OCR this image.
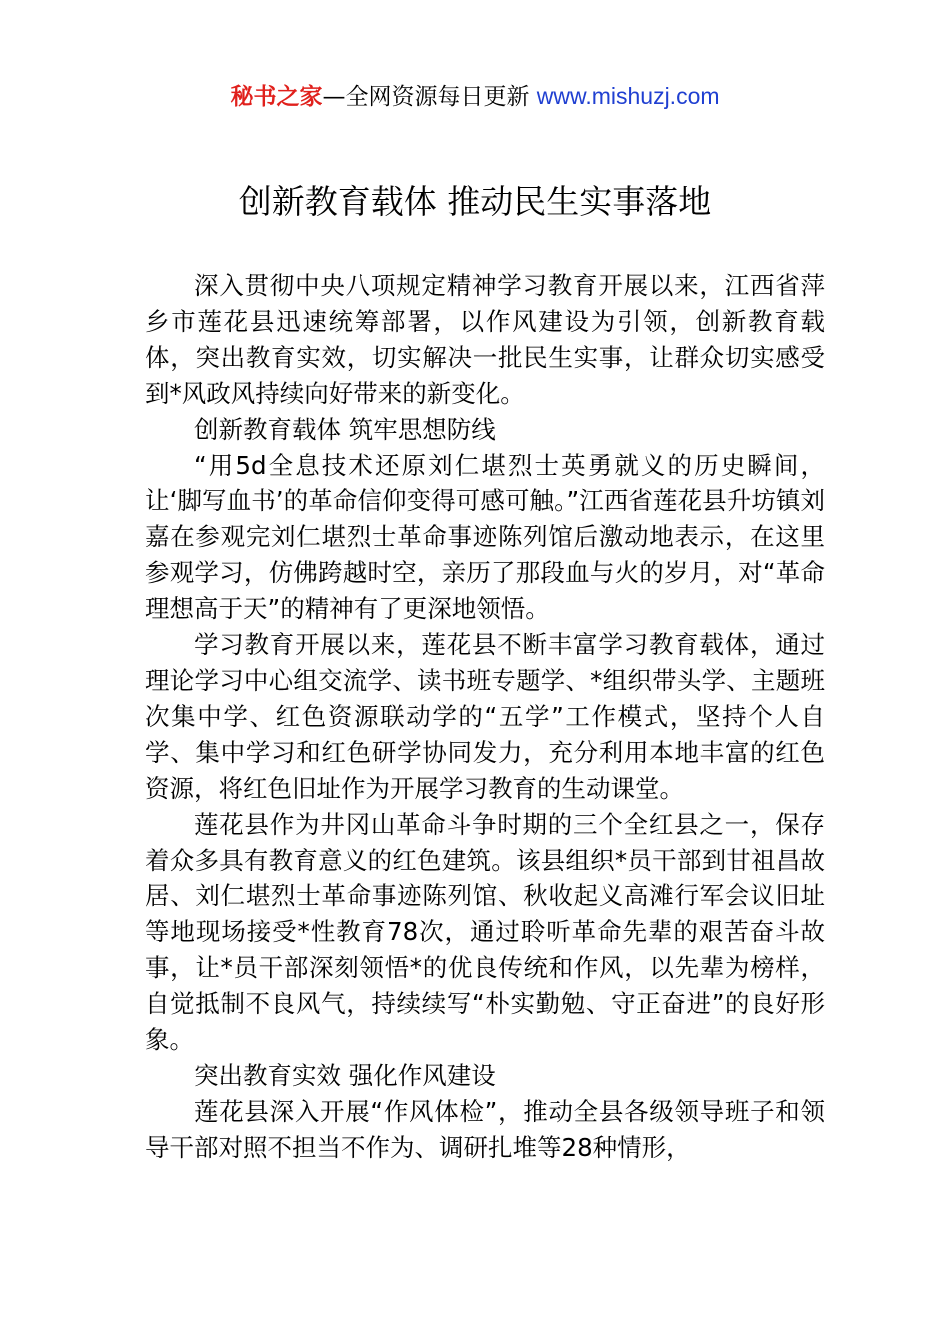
秘书之家—全网资源每日更新 www.mishuzj.com
创新教育载体 推动民生实事落地

深入贯彻中央八项规定精神学习教育开展以来，江西省萍乡市莲花县迅速统筹部署，以作风建设为引领，创新教育载体，突出教育实效，切实解决一批民生实事，让群众切实感受到*风政风持续向好带来的新变化。

创新教育载体 筑牢思想防线

“用5d全息技术还原刘仁堪烈士英勇就义的历史瞬间，让‘脚写血书’的革命信仰变得可感可触。”江西省莲花县升坊镇刘嘉在参观完刘仁堪烈士革命事迹陈列馆后激动地表示，在这里参观学习，仿佛跨越时空，亲历了那段血与火的岁月，对“革命理想高于天”的精神有了更深地领悟。

学习教育开展以来，莲花县不断丰富学习教育载体，通过理论学习中心组交流学、读书班专题学、*组织带头学、主题班次集中学、红色资源联动学的“五学”工作模式，坚持个人自学、集中学习和红色研学协同发力，充分利用本地丰富的红色资源，将红色旧址作为开展学习教育的生动课堂。

莲花县作为井冈山革命斗争时期的三个全红县之一，保存着众多具有教育意义的红色建筑。该县组织*员干部到甘祖昌故居、刘仁堪烈士革命事迹陈列馆、秋收起义高滩行军会议旧址等地现场接受*性教育78次，通过聆听革命先辈的艰苦奋斗故事，让*员干部深刻领悟*的优良传统和作风，以先辈为榜样，自觉抵制不良风气，持续续写“朴实勤勉、守正奋进”的良好形象。

突出教育实效 强化作风建设

莲花县深入开展“作风体检”，推动全县各级领导班子和领导干部对照不担当不作为、调研扎堆等28种情形，
